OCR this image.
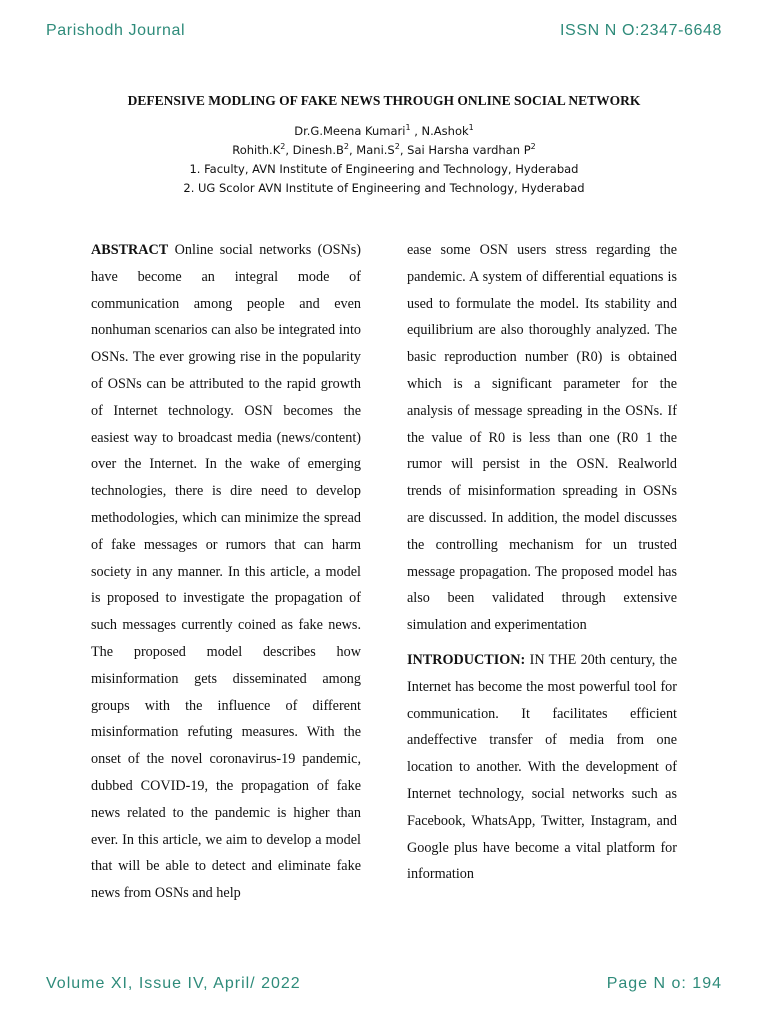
Parishodh Journal	ISSN N O:2347-6648
DEFENSIVE MODLING OF FAKE NEWS THROUGH ONLINE SOCIAL NETWORK
Dr.G.Meena Kumari$^1$ , N.Ashok$^1$
$Rohith.K^2$, $Dinesh.B^2$, $Mani.S^2$, Sai Harsha vardhan $P^2$
1. Faculty, AVN Institute of Engineering and Technology, Hyderabad
2. UG Scolor AVN Institute of Engineering and Technology, Hyderabad

ABSTRACT Online social networks (OSNs) have become an integral mode of communication among people and even nonhuman scenarios can also be integrated into OSNs. The ever growing rise in the popularity of OSNs can be attributed to the rapid growth of Internet technology. OSN becomes the easiest way to broadcast media (news/content) over the Internet. In the wake of emerging technologies, there is dire need to develop methodologies, which can minimize the spread of fake messages or rumors that can harm society in any manner. In this article, a model is proposed to investigate the propagation of such messages currently coined as fake news. The proposed model describes how misinformation gets disseminated among groups with the influence of different misinformation refuting measures. With the onset of the novel coronavirus-19 pandemic, dubbed COVID-19, the propagation of fake news related to the pandemic is higher than ever. In this article, we aim to develop a model that will be able to detect and eliminate fake news from OSNs and help

ease some OSN users stress regarding the pandemic. A system of differential equations is used to formulate the model. Its stability and equilibrium are also thoroughly analyzed. The basic reproduction number (R0) is obtained which is a significant parameter for the analysis of message spreading in the OSNs. If the value of R0 is less than one (R0 1 the rumor will persist in the OSN. Realworld trends of misinformation spreading in OSNs are discussed. In addition, the model discusses the controlling mechanism for un trusted message propagation. The proposed model has also been validated through extensive simulation and experimentation

INTRODUCTION: IN THE 20th century, the Internet has become the most powerful tool for communication. It facilitates efficient andeffective transfer of media from one location to another. With the development of Internet technology, social networks such as Facebook, WhatsApp, Twitter, Instagram, and Google plus have become a vital platform for information

Volume XI, Issue IV, April/ 2022	Page N o: 194
